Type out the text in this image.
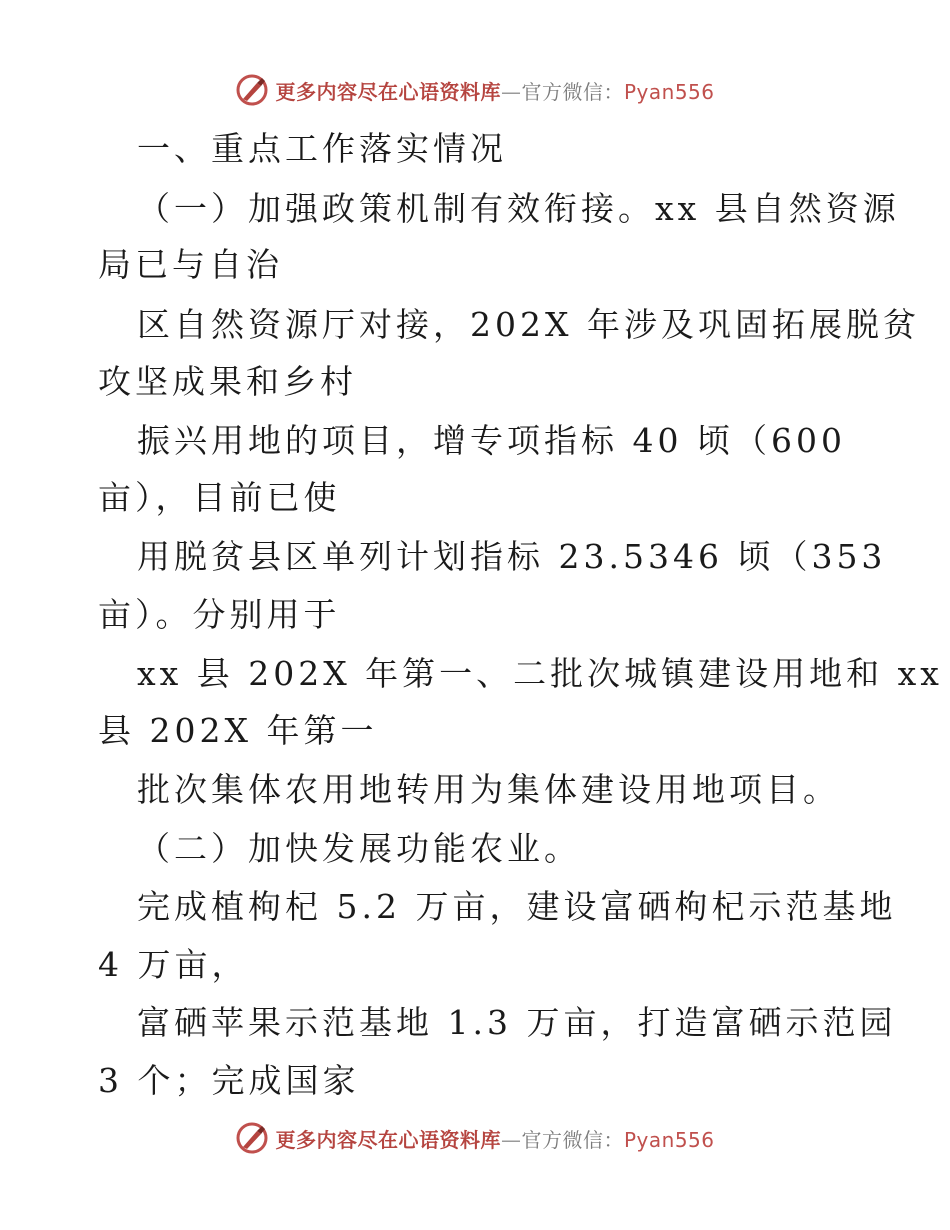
更多内容尽在心语资料库—官方微信：Pyan556
一、重点工作落实情况
（一）加强政策机制有效衔接。xx 县自然资源
局已与自治
区自然资源厅对接，202X 年涉及巩固拓展脱贫
攻坚成果和乡村
振兴用地的项目，增专项指标 40 顷（600
亩），目前已使
用脱贫县区单列计划指标 23.5346 顷（353
亩）。分别用于
xx 县 202X 年第一、二批次城镇建设用地和 xx
县 202X 年第一
批次集体农用地转用为集体建设用地项目。
（二）加快发展功能农业。
完成植枸杞 5.2 万亩，建设富硒枸杞示范基地
4 万亩，
富硒苹果示范基地 1.3 万亩，打造富硒示范园
3 个；完成国家
更多内容尽在心语资料库—官方微信：Pyan556
